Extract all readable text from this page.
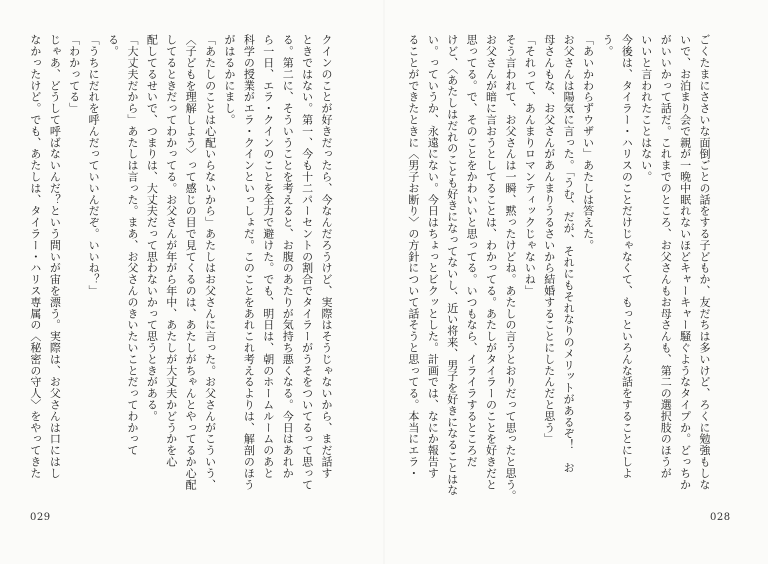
クインのことが好きだったら、今なんだろうけど、実際はそうじゃないから、まだ話す
ときではない。第一、今も十二パーセントの割合でタイラーがうそをついてるって思って
る。第二に、そういうことを考えると、お腹のあたりが気持ち悪くなる。今日はあれか
ら一日、エラ・クインのことを全力で避けた。でも、明日は、朝のホームルームのあと
科学の授業がエラ・クインといっしょだ。このことをあれこれ考えるよりは、解剖のほう
がはるかにまし。
「あたしのことは心配いらないから」あたしはお父さんに言った。お父さんがこういう、
〈子どもを理解しよう〉って感じの目で見てくるのは、あたしがちゃんとやってるか心配
してるときだってわかってる。お父さんが年がら年中、あたしが大丈夫かどうかを心
配してるせいで、つまりは、大丈夫だって思わないかって思うときがある。
「大丈夫だから」あたしは言った。まあ、お父さんのきいたいことだってわかって
る。
「うちにだれを呼んだっていいんだぞ。いいね？」
「わかってる」
じゃあ、どうして呼ばないんだ？という問いが宙を漂う。実際は、お父さんは口にはし
なかったけど。でも、あたしは、タイラー・ハリス専属の〈秘密の守人〉をやってきた
029
ごくたまにささいな面倒ごとの話をする子どもか、友だちは多いけど、ろくに勉強もしな
いで、お泊まり会で親が一晩中眠れないほどキャーキャー騒ぐようなタイプか。どっちか
がいいかって話だ。これまでのところ、お父さんもお母さんも、第二の選択肢のほうが
いいと言われたことはない。
今後は、タイラー・ハリスのことだけじゃなくて、もっといろんな話をすることにしよ
う。
「あいかわらずウザい」あたしは答えた。
お父さんは陽気に言った。「うむ、だが、それにもそれなりのメリットがあるぞ！　お
母さんもな、お父さんがあんまりうるさいから結婚することにしたんだと思う」
「それって、あんまりロマンティックじゃないね」
そう言われて、お父さんは一瞬、黙ったけどね。あたしの言うとおりだって思ったと思う。
お父さんが暗に言おうとしてることは、わかってる。あたしがタイラーのことを好きだと
思ってる。で、そのことをかわいいと思ってる。いつもなら、イライラするところだ
けど、〈あたしはだれのことも好きになってないし、近い将来、男子を好きになることはな
い。っていうか、永遠にない。今日はちょっとビクッとした。計画では、なにか報告す
ることができたときに〈男子お断り〉の方針について話そうと思ってる。本当にエラ・
028
